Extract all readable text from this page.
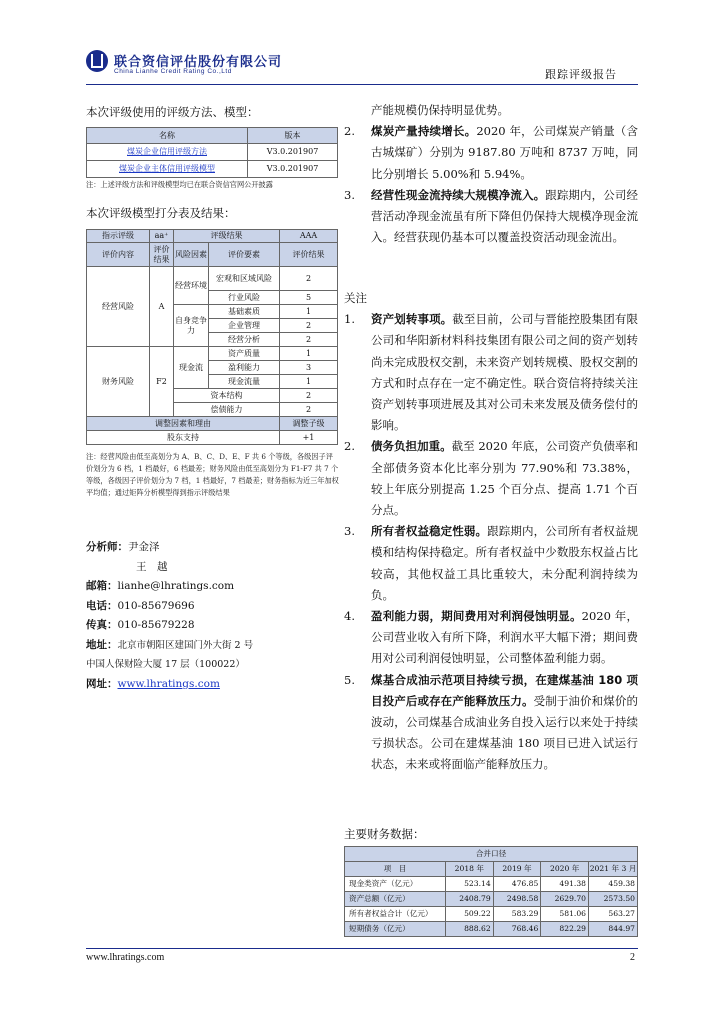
联合资信评估股份有限公司
China Lianhe Credit Rating Co.,Ltd	跟踪评级报告
本次评级使用的评级方法、模型：
名称	版本
煤炭企业信用评级方法	V3.0.201907
煤炭企业主体信用评级模型	V3.0.201907
注：上述评级方法和评级模型均已在联合资信官网公开披露
本次评级模型打分表及结果：
指示评级	aa⁺	评级结果		AAA
评价内容	评价结果	风险因素	评价要素	评价结果
经营风险	A	经营环境	宏观和区域风险	2
			行业风险	5
		自身竞争力	基础素质	1
			企业管理	2
			经营分析	2
财务风险	F2	现金流	资产质量	1
			盈利能力	3
			现金流量	1
		资本结构		2
		偿债能力		2
调整因素和理由				调整子级
股东支持				+1
注：经营风险由低至高划分为 A、B、C、D、E、F 共 6 个等级，各级因子评价划分为 6 档，1 档最好，6 档最差；财务风险由低至高划分为 F1-F7 共 7 个等级，各级因子评价划分为 7 档，1 档最好，7 档最差；财务指标为近三年加权平均值；通过矩阵分析模型得到指示评级结果
分析师：尹金泽
王　越
邮箱：lianhe@lhratings.com
电话：010-85679696
传真：010-85679228
地址：北京市朝阳区建国门外大街 2 号
中国人保财险大厦 17 层（100022）
网址：www.lhratings.com
产能规模仍保持明显优势。
2. 煤炭产量持续增长。2020 年，公司煤炭产销量（含古城煤矿）分别为 9187.80 万吨和 8737 万吨，同比分别增长 5.00%和 5.94%。
3. 经营性现金流持续大规模净流入。跟踪期内，公司经营活动净现金流虽有所下降但仍保持大规模净现金流入。经营获现仍基本可以覆盖投资活动现金流出。
关注
1. 资产划转事项。截至目前，公司与晋能控股集团有限公司和华阳新材料科技集团有限公司之间的资产划转尚未完成股权交割，未来资产划转规模、股权交割的方式和时点存在一定不确定性。联合资信将持续关注资产划转事项进展及其对公司未来发展及债务偿付的影响。
2. 债务负担加重。截至 2020 年底，公司资产负债率和全部债务资本化比率分别为 77.90%和 73.38%，较上年底分别提高 1.25 个百分点、提高 1.71 个百分点。
3. 所有者权益稳定性弱。跟踪期内，公司所有者权益规模和结构保持稳定。所有者权益中少数股东权益占比较高，其他权益工具比重较大，未分配利润持续为负。
4. 盈利能力弱，期间费用对利润侵蚀明显。2020 年，公司营业收入有所下降，利润水平大幅下滑；期间费用对公司利润侵蚀明显，公司整体盈利能力弱。
5. 煤基合成油示范项目持续亏损，在建煤基油 180 项目投产后或存在产能释放压力。受制于油价和煤价的波动，公司煤基合成油业务自投入运行以来处于持续亏损状态。公司在建煤基油 180 项目已进入试运行状态，未来或将面临产能释放压力。
主要财务数据：
合并口径				
项　目	2018 年	2019 年	2020 年	2021 年 3 月
现金类资产（亿元）	523.14	476.85	491.38	459.38
资产总额（亿元）	2408.79	2498.58	2629.70	2573.50
所有者权益合计（亿元）	509.22	583.29	581.06	563.27
短期债务（亿元）	888.62	768.46	822.29	844.97
www.lhratings.com	2
